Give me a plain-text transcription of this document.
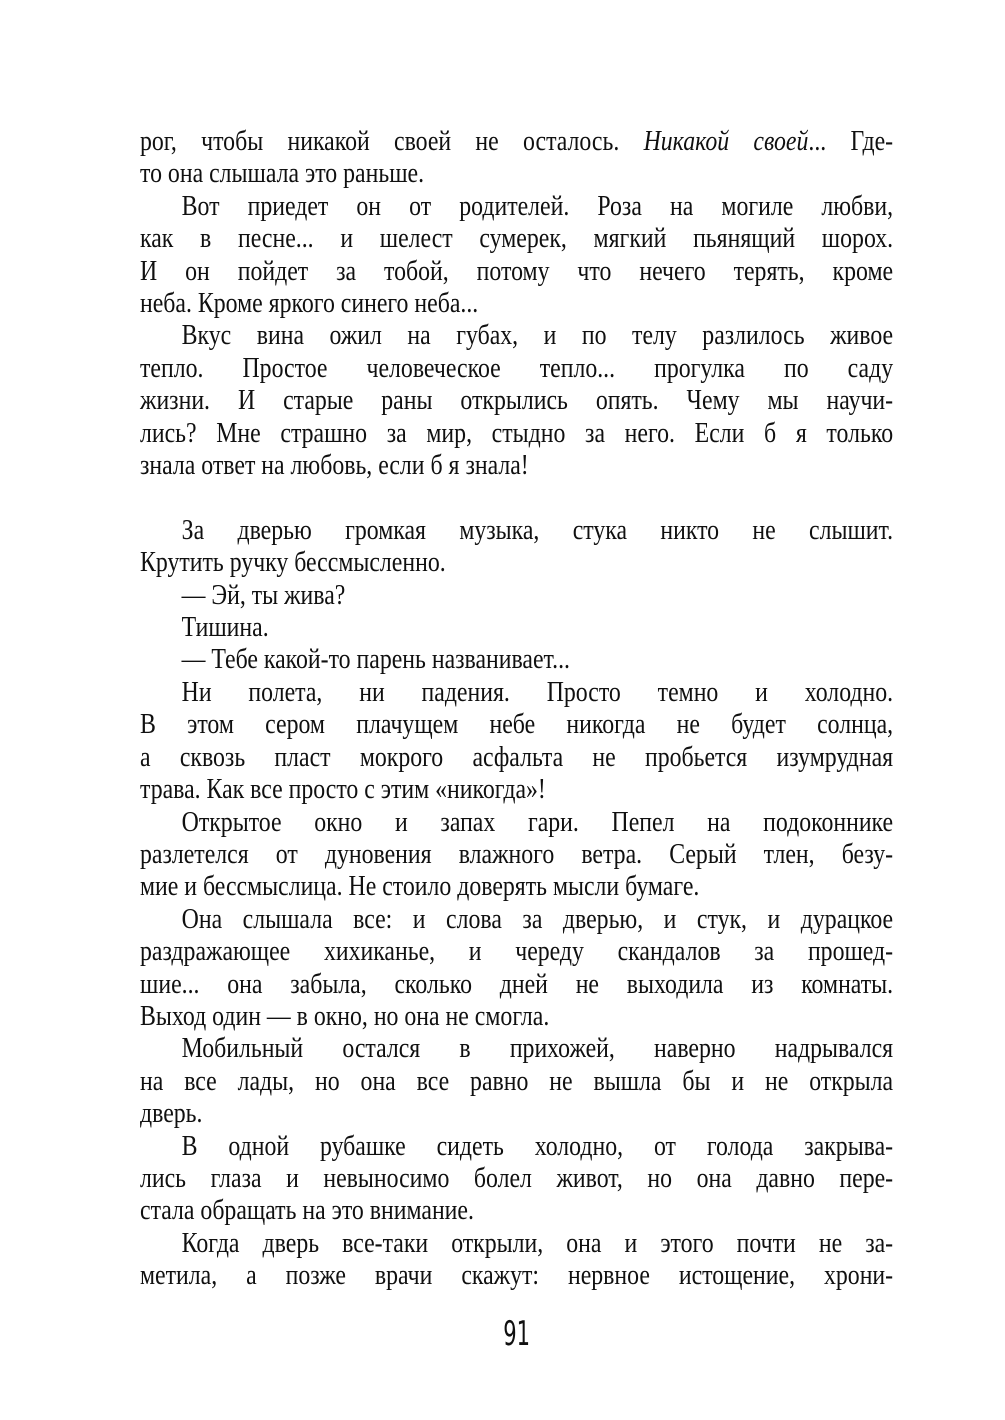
рог, чтобы никакой своей не осталось. Никакой своей... Где-
то она слышала это раньше.
Вот приедет он от родителей. Роза на могиле любви,
как в песне... и шелест сумерек, мягкий пьянящий шорох.
И он пойдет за тобой, потому что нечего терять, кроме
неба. Кроме яркого синего неба...
Вкус вина ожил на губах, и по телу разлилось живое
тепло. Простое человеческое тепло... прогулка по саду
жизни. И старые раны открылись опять. Чему мы научи-
лись? Мне страшно за мир, стыдно за него. Если б я только
знала ответ на любовь, если б я знала!
За дверью громкая музыка, стука никто не слышит.
Крутить ручку бессмысленно.
— Эй, ты жива?
Тишина.
— Тебе какой-то парень названивает...
Ни полета, ни падения. Просто темно и холодно.
В этом сером плачущем небе никогда не будет солнца,
а сквозь пласт мокрого асфальта не пробьется изумрудная
трава. Как все просто с этим «никогда»!
Открытое окно и запах гари. Пепел на подоконнике
разлетелся от дуновения влажного ветра. Серый тлен, безу-
мие и бессмыслица. Не стоило доверять мысли бумаге.
Она слышала все: и слова за дверью, и стук, и дурацкое
раздражающее хихиканье, и череду скандалов за прошед-
шие... она забыла, сколько дней не выходила из комнаты.
Выход один — в окно, но она не смогла.
Мобильный остался в прихожей, наверно надрывался
на все лады, но она все равно не вышла бы и не открыла
дверь.
В одной рубашке сидеть холодно, от голода закрыва-
лись глаза и невыносимо болел живот, но она давно пере-
стала обращать на это внимание.
Когда дверь все-таки открыли, она и этого почти не за-
метила, а позже врачи скажут: нервное истощение, хрони-
91
